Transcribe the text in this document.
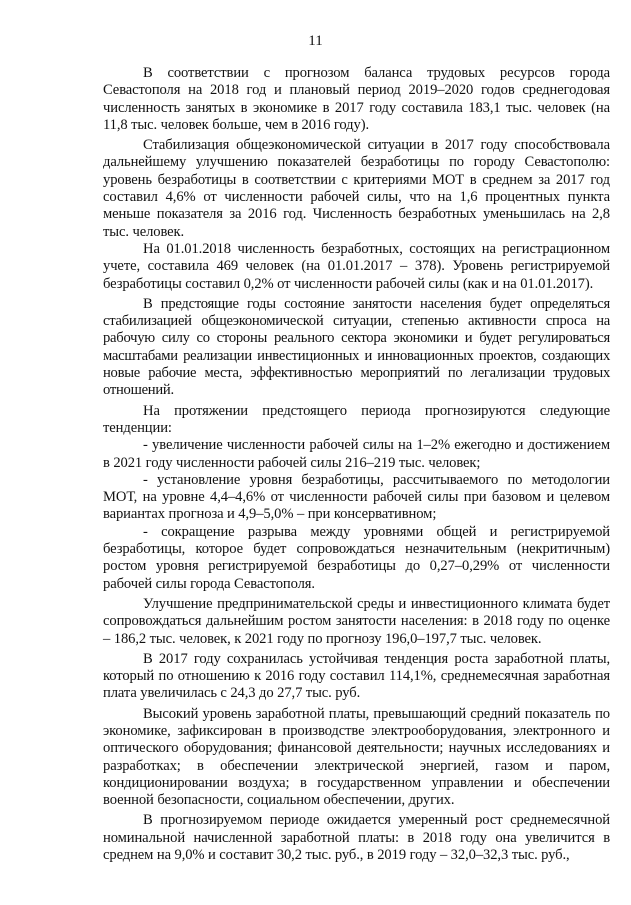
11

В соответствии с прогнозом баланса трудовых ресурсов города Севастополя на 2018 год и плановый период 2019–2020 годов среднегодовая численность занятых в экономике в 2017 году составила 183,1 тыс. человек (на 11,8 тыс. человек больше, чем в 2016 году).

Стабилизация общеэкономической ситуации в 2017 году способствовала дальнейшему улучшению показателей безработицы по городу Севастополю: уровень безработицы в соответствии с критериями МОТ в среднем за 2017 год составил 4,6% от численности рабочей силы, что на 1,6 процентных пункта меньше показателя за 2016 год. Численность безработных уменьшилась на 2,8 тыс. человек.

На 01.01.2018 численность безработных, состоящих на регистрационном учете, составила 469 человек (на 01.01.2017 – 378). Уровень регистрируемой безработицы составил 0,2% от численности рабочей силы (как и на 01.01.2017).

В предстоящие годы состояние занятости населения будет определяться стабилизацией общеэкономической ситуации, степенью активности спроса на рабочую силу со стороны реального сектора экономики и будет регулироваться масштабами реализации инвестиционных и инновационных проектов, создающих новые рабочие места, эффективностью мероприятий по легализации трудовых отношений.

На протяжении предстоящего периода прогнозируются следующие тенденции:

- увеличение численности рабочей силы на 1–2% ежегодно и достижением в 2021 году численности рабочей силы 216–219 тыс. человек;

- установление уровня безработицы, рассчитываемого по методологии МОТ, на уровне 4,4–4,6% от численности рабочей силы при базовом и целевом вариантах прогноза и 4,9–5,0% – при консервативном;

- сокращение разрыва между уровнями общей и регистрируемой безработицы, которое будет сопровождаться незначительным (некритичным) ростом уровня регистрируемой безработицы до 0,27–0,29% от численности рабочей силы города Севастополя.

Улучшение предпринимательской среды и инвестиционного климата будет сопровождаться дальнейшим ростом занятости населения: в 2018 году по оценке – 186,2 тыс. человек, к 2021 году по прогнозу 196,0–197,7 тыс. человек.

В 2017 году сохранилась устойчивая тенденция роста заработной платы, который по отношению к 2016 году составил 114,1%, среднемесячная заработная плата увеличилась с 24,3 до 27,7 тыс. руб.

Высокий уровень заработной платы, превышающий средний показатель по экономике, зафиксирован в производстве электрооборудования, электронного и оптического оборудования; финансовой деятельности; научных исследованиях и разработках; в обеспечении электрической энергией, газом и паром, кондиционировании воздуха; в государственном управлении и обеспечении военной безопасности, социальном обеспечении, других.

В прогнозируемом периоде ожидается умеренный рост среднемесячной номинальной начисленной заработной платы: в 2018 году она увеличится в среднем на 9,0% и составит 30,2 тыс. руб., в 2019 году – 32,0–32,3 тыс. руб.,
